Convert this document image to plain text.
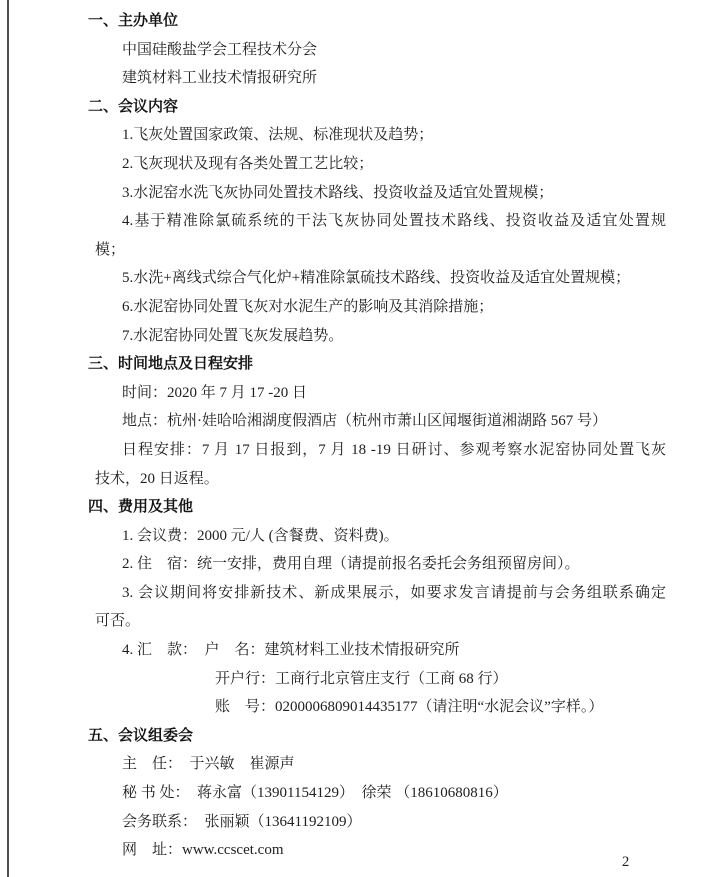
一、主办单位
中国硅酸盐学会工程技术分会
建筑材料工业技术情报研究所
二、会议内容
1.飞灰处置国家政策、法规、标准现状及趋势；
2.飞灰现状及现有各类处置工艺比较；
3.水泥窑水洗飞灰协同处置技术路线、投资收益及适宜处置规模；
4.基于精准除氯硫系统的干法飞灰协同处置技术路线、投资收益及适宜处置规
模；
5.水洗+离线式综合气化炉+精准除氯硫技术路线、投资收益及适宜处置规模；
6.水泥窑协同处置飞灰对水泥生产的影响及其消除措施；
7.水泥窑协同处置飞灰发展趋势。
三、时间地点及日程安排
时间：2020 年 7 月 17 -20 日
地点：杭州·娃哈哈湘湖度假酒店（杭州市萧山区闻堰街道湘湖路 567 号）
日程安排：7 月 17 日报到，7 月 18 -19 日研讨、参观考察水泥窑协同处置飞灰
技术，20 日返程。
四、费用及其他
1. 会议费：2000 元/人 (含餐费、资料费)。
2. 住　宿：统一安排，费用自理（请提前报名委托会务组预留房间）。
3. 会议期间将安排新技术、新成果展示，如要求发言请提前与会务组联系确定
可否。
4. 汇　款：　户　名：建筑材料工业技术情报研究所
开户行：工商行北京管庄支行（工商 68 行）
账　号：0200006809014435177（请注明“水泥会议”字样。）
五、会议组委会
主　任：　于兴敏　崔源声
秘 书 处：　蒋永富（13901154129）　徐荣 （18610680816）
会务联系：　张丽颖（13641192109）
网　址：www.ccscet.com
2
